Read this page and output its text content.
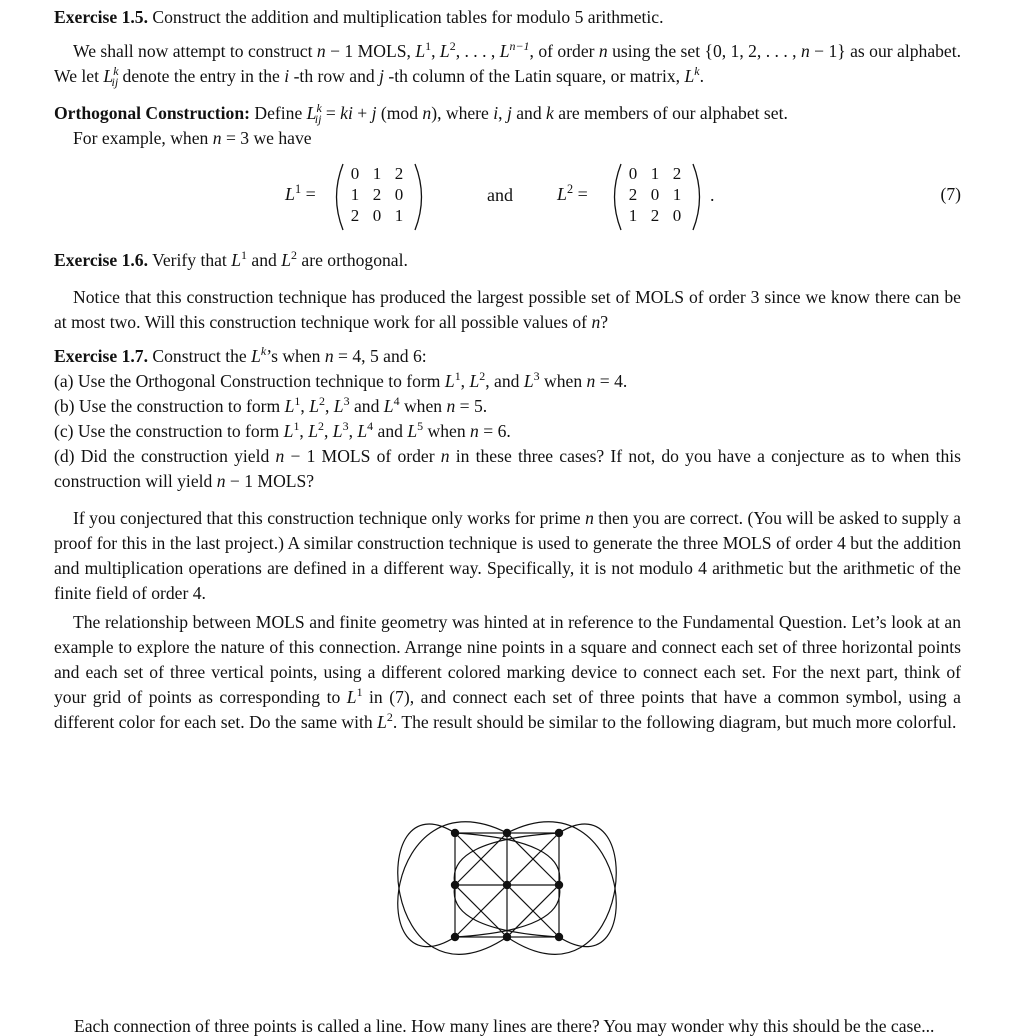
Exercise 1.5. Construct the addition and multiplication tables for modulo 5 arithmetic.

We shall now attempt to construct n − 1 MOLS, $L^1$, $L^2$, . . . , $L^{n-1}$, of order n using the set {0, 1, 2, . . . , n − 1} as our alphabet. We let $L^k_{ij}$ denote the entry in the i -th row and j -th column of the Latin square, or matrix, $L^k$.

Orthogonal Construction: Define $L^k_{ij}$ = ki + j (mod n), where i, j and k are members of our alphabet set.

For example, when n = 3 we have

$L^1$ =
0	1	2
1	2	0
2	0	1
and $L^2$ =
0	1	2
2	0	1
1	2	0
.	(7)

Exercise 1.6. Verify that $L^1$ and $L^2$ are orthogonal.

Notice that this construction technique has produced the largest possible set of MOLS of order 3 since we know there can be at most two. Will this construction technique work for all possible values of n?

Exercise 1.7. Construct the $L^k’s$ when n = 4, 5 and 6:

(a) Use the Orthogonal Construction technique to form $L^1$, $L^2$, and $L^3$ when n = 4.

(b) Use the construction to form $L^1$, $L^2$, $L^3$ and $L^4$ when n = 5.

(c) Use the construction to form $L^1$, $L^2$, $L^3$, $L^4$ and $L^5$ when n = 6.

(d) Did the construction yield n − 1 MOLS of order n in these three cases? If not, do you have a conjecture as to when this construction will yield n − 1 MOLS?

If you conjectured that this construction technique only works for prime n then you are correct. (You will be asked to supply a proof for this in the last project.) A similar construction technique is used to generate the three MOLS of order 4 but the addition and multiplication operations are defined in a different way. Specifically, it is not modulo 4 arithmetic but the arithmetic of the finite field of order 4.

The relationship between MOLS and finite geometry was hinted at in reference to the Fundamental Question. Let’s look at an example to explore the nature of this connection. Arrange nine points in a square and connect each set of three horizontal points and each set of three vertical points, using a different colored marking device to connect each set. For the next part, think of your grid of points as corresponding to $L^1$ in (7), and connect each set of three points that have a common symbol, using a different color for each set. Do the same with $L^2$. The result should be similar to the following diagram, but much more colorful.

Each connection of three points is called a line. How many lines are there? You may wonder why this should be the case...
